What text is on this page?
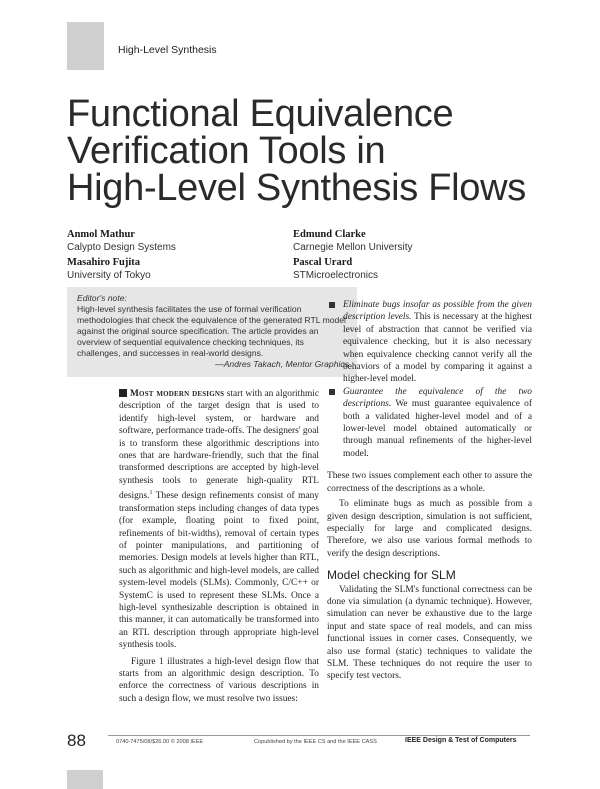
High-Level Synthesis
Functional Equivalence
Verification Tools in
High-Level Synthesis Flows
Anmol Mathur
Calypto Design Systems
Edmund Clarke
Carnegie Mellon University
Masahiro Fujita
University of Tokyo
Pascal Urard
STMicroelectronics
Editor's note:
High-level synthesis facilitates the use of formal verification methodologies that check the equivalence of the generated RTL model against the original source specification. The article provides an overview of sequential equivalence checking techniques, its challenges, and successes in real-world designs.
—Andres Takach, Mentor Graphics

Most modern designs start with an algorithmic description of the target design that is used to identify high-level system, or hardware and software, performance trade-offs. The designers' goal is to transform these algorithmic descriptions into ones that are hardware-friendly, such that the final transformed descriptions are accepted by high-level synthesis tools to generate high-quality RTL designs.$^1$ These design refinements consist of many transformation steps including changes of data types (for example, floating point to fixed point, refinements of bit-widths), removal of certain types of pointer manipulations, and partitioning of memories. Design models at levels higher than RTL, such as algorithmic and high-level models, are called system-level models (SLMs). Commonly, C/C++ or SystemC is used to represent these SLMs. Once a high-level synthesizable description is obtained in this manner, it can automatically be transformed into an RTL description through appropriate high-level synthesis tools.

Figure 1 illustrates a high-level design flow that starts from an algorithmic design description. To enforce the correctness of various descriptions in such a design flow, we must resolve two issues:

Eliminate bugs insofar as possible from the given description levels. This is necessary at the highest level of abstraction that cannot be verified via equivalence checking, but it is also necessary when equivalence checking cannot verify all the behaviors of a model by comparing it against a higher-level model.
Guarantee the equivalence of the two descriptions. We must guarantee equivalence of both a validated higher-level model and of a lower-level model obtained automatically or through manual refinements of the higher-level model.

These two issues complement each other to assure the correctness of the descriptions as a whole.

To eliminate bugs as much as possible from a given design description, simulation is not sufficient, especially for large and complicated designs. Therefore, we also use various formal methods to verify the design descriptions.

Model checking for SLM

Validating the SLM's functional correctness can be done via simulation (a dynamic technique). However, simulation can never be exhaustive due to the large input and state space of real models, and can miss functional issues in corner cases. Consequently, we also use formal (static) techniques to validate the SLM. These techniques do not require the user to specify test vectors.

88	0740-7475/08/$26.00 © 2008 IEEE	Copublished by the IEEE CS and the IEEE CASS	IEEE Design & Test of Computers
